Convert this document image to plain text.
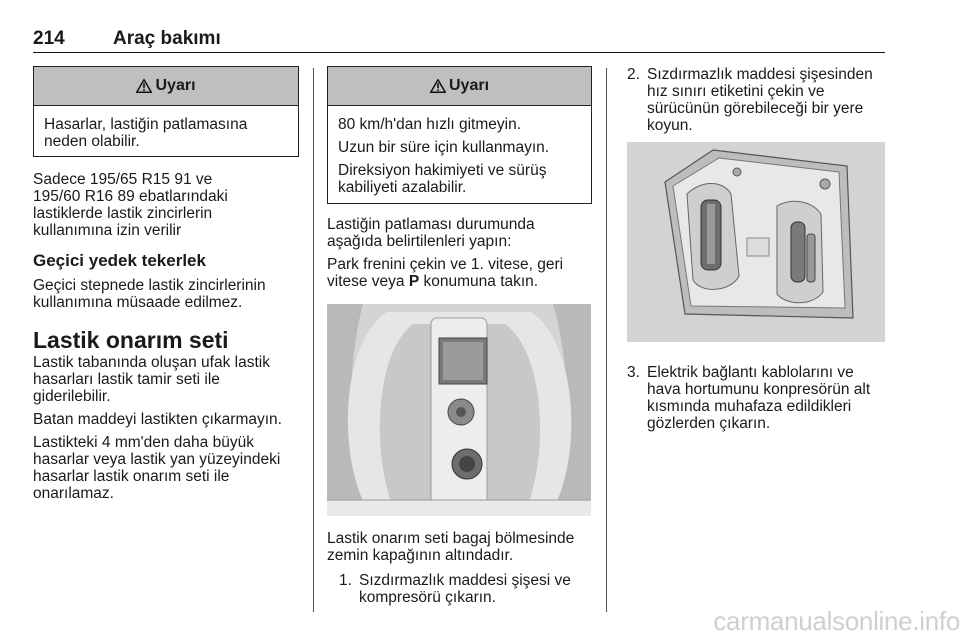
214	Araç bakımı
Uyarı

Hasarlar, lastiğin patlamasına neden olabilir.

Sadece 195/65 R15 91 ve 195/60 R16 89 ebatlarındaki lastiklerde lastik zincirlerin kullanımına izin verilir

Geçici yedek tekerlek

Geçici stepnede lastik zincirlerinin kullanımına müsaade edilmez.

Lastik onarım seti

Lastik tabanında oluşan ufak lastik hasarları lastik tamir seti ile giderilebilir.

Batan maddeyi lastikten çıkarmayın.

Lastikteki 4 mm'den daha büyük hasarlar veya lastik yan yüzeyindeki hasarlar lastik onarım seti ile onarılamaz.

Uyarı

80 km/h'dan hızlı gitmeyin.

Uzun bir süre için kullanmayın.

Direksiyon hakimiyeti ve sürüş kabiliyeti azalabilir.

Lastiğin patlaması durumunda aşağıda belirtilenleri yapın:

Park frenini çekin ve 1. vitese, geri vitese veya P konumuna takın.

Lastik onarım seti bagaj bölmesinde zemin kapağının altındadır.

1. Sızdırmazlık maddesi şişesi ve kompresörü çıkarın.

2. Sızdırmazlık maddesi şişesinden hız sınırı etiketini çekin ve sürücünün görebileceği bir yere koyun.

3. Elektrik bağlantı kablolarını ve hava hortumunu konpresörün alt kısmında muhafaza edildikleri gözlerden çıkarın.

carmanualsonline.info
